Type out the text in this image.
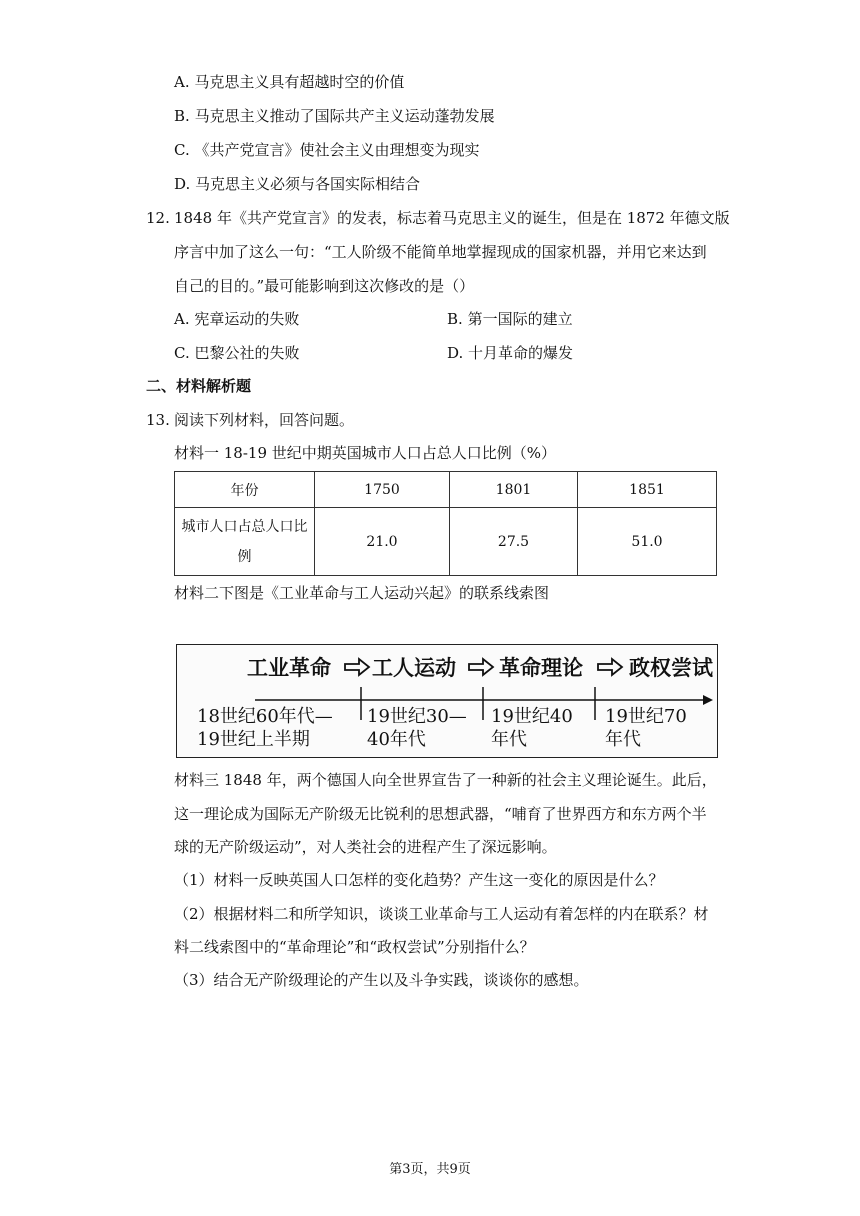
A. 马克思主义具有超越时空的价值
B. 马克思主义推动了国际共产主义运动蓬勃发展
C. 《共产党宣言》使社会主义由理想变为现实
D. 马克思主义必须与各国实际相结合
12. 1848 年《共产党宣言》的发表，标志着马克思主义的诞生，但是在 1872 年德文版
序言中加了这么一句：“工人阶级不能简单地掌握现成的国家机器，并用它来达到
自己的目的。”最可能影响到这次修改的是（）
A. 宪章运动的失败	B. 第一国际的建立
C. 巴黎公社的失败	D. 十月革命的爆发
二、材料解析题
13. 阅读下列材料，回答问题。
材料一 18-19 世纪中期英国城市人口占总人口比例（%）
年份	1750	1801	1851

城市人口占总人口比
例	21.0	27.5	51.0
材料二下图是《工业革命与工人运动兴起》的联系线索图
工业革命 工人运动 革命理论 政权尝试
18世纪60年代—
19世纪上半期
19世纪30—
40年代
19世纪40
年代
19世纪70
年代
材料三 1848 年，两个德国人向全世界宣告了一种新的社会主义理论诞生。此后，
这一理论成为国际无产阶级无比锐利的思想武器，“哺育了世界西方和东方两个半
球的无产阶级运动”，对人类社会的进程产生了深远影响。
（1）材料一反映英国人口怎样的变化趋势？产生这一变化的原因是什么？
（2）根据材料二和所学知识，谈谈工业革命与工人运动有着怎样的内在联系？材
料二线索图中的“革命理论”和“政权尝试”分别指什么？
（3）结合无产阶级理论的产生以及斗争实践，谈谈你的感想。
第3页，共9页
